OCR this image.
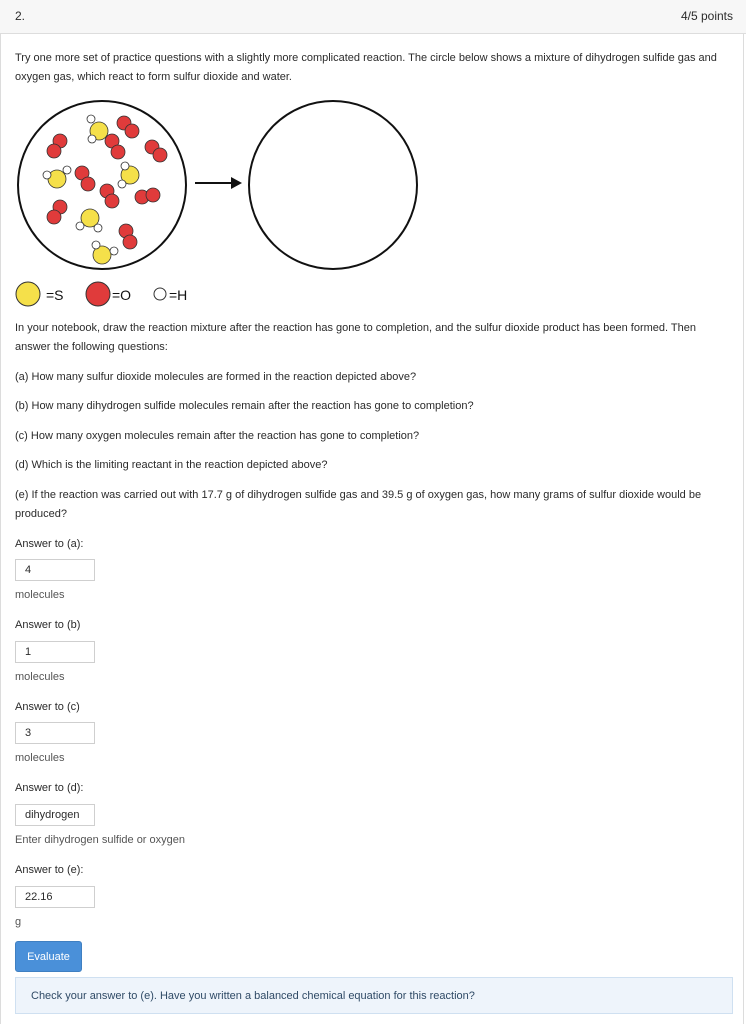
2.	4/5 points
Try one more set of practice questions with a slightly more complicated reaction. The circle below shows a mixture of dihydrogen sulfide gas and oxygen gas, which react to form sulfur dioxide and water.
=S	=O	=H
In your notebook, draw the reaction mixture after the reaction has gone to completion, and the sulfur dioxide product has been formed. Then answer the following questions:
(a) How many sulfur dioxide molecules are formed in the reaction depicted above?
(b) How many dihydrogen sulfide molecules remain after the reaction has gone to completion?
(c) How many oxygen molecules remain after the reaction has gone to completion?
(d) Which is the limiting reactant in the reaction depicted above?
(e) If the reaction was carried out with 17.7 g of dihydrogen sulfide gas and 39.5 g of oxygen gas, how many grams of sulfur dioxide would be produced?
Answer to (a):
4
molecules
Answer to (b)
1
molecules
Answer to (c)
3
molecules
Answer to (d):
dihydrogen
Enter dihydrogen sulfide or oxygen
Answer to (e):
22.16
g
Evaluate
Check your answer to (e). Have you written a balanced chemical equation for this reaction?
